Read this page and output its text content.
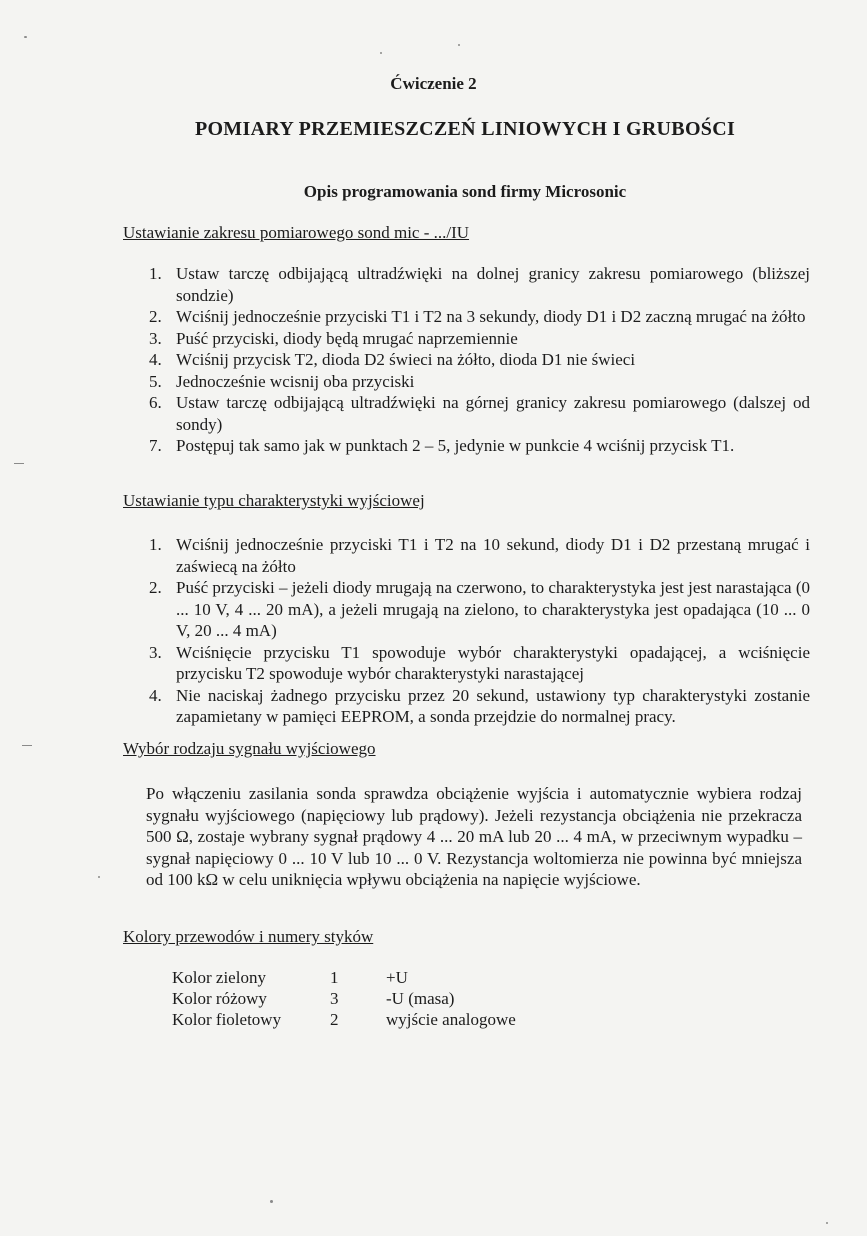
Ćwiczenie 2
POMIARY PRZEMIESZCZEŃ LINIOWYCH I GRUBOŚCI
Opis programowania sond firmy Microsonic
Ustawianie zakresu pomiarowego sond mic - .../IU
1. Ustaw tarczę odbijającą ultradźwięki na dolnej granicy zakresu pomiarowego (bliższej sondzie)
2. Wciśnij jednocześnie przyciski T1 i T2 na 3 sekundy, diody D1 i D2 zaczną mrugać na żółto
3. Puść przyciski, diody będą mrugać naprzemiennie
4. Wciśnij przycisk T2, dioda D2 świeci na żółto, dioda D1 nie świeci
5. Jednocześnie wcisnij oba przyciski
6. Ustaw tarczę odbijającą ultradźwięki na górnej granicy zakresu pomiarowego (dalszej od sondy)
7. Postępuj tak samo jak w punktach 2 – 5, jedynie w punkcie 4 wciśnij przycisk T1.
Ustawianie typu charakterystyki wyjściowej
1. Wciśnij jednocześnie przyciski T1 i T2 na 10 sekund, diody D1 i D2 przestaną mrugać i zaświecą na żółto
2. Puść przyciski – jeżeli diody mrugają na czerwono, to charakterystyka jest jest narastająca (0 ... 10 V, 4 ... 20 mA), a jeżeli mrugają na zielono, to charakterystyka jest opadająca (10 ... 0 V, 20 ... 4 mA)
3. Wciśnięcie przycisku T1 spowoduje wybór charakterystyki opadającej, a wciśnięcie przycisku T2 spowoduje wybór charakterystyki narastającej
4. Nie naciskaj żadnego przycisku przez 20 sekund, ustawiony typ charakterystyki zostanie zapamietany w pamięci EEPROM, a sonda przejdzie do normalnej pracy.
Wybór rodzaju sygnału wyjściowego
Po włączeniu zasilania sonda sprawdza obciążenie wyjścia i automatycznie wybiera rodzaj sygnału wyjściowego (napięciowy lub prądowy). Jeżeli rezystancja obciążenia nie przekracza 500 Ω, zostaje wybrany sygnał prądowy 4 ... 20 mA lub 20 ... 4 mA, w przeciwnym wypadku – sygnał napięciowy 0 ... 10 V lub 10 ... 0 V. Rezystancja woltomierza nie powinna być mniejsza od 100 kΩ w celu uniknięcia wpływu obciążenia na napięcie wyjściowe.
Kolory przewodów i numery styków
Kolor zielony	1	+U
Kolor różowy	3	-U (masa)
Kolor fioletowy	2	wyjście analogowe
